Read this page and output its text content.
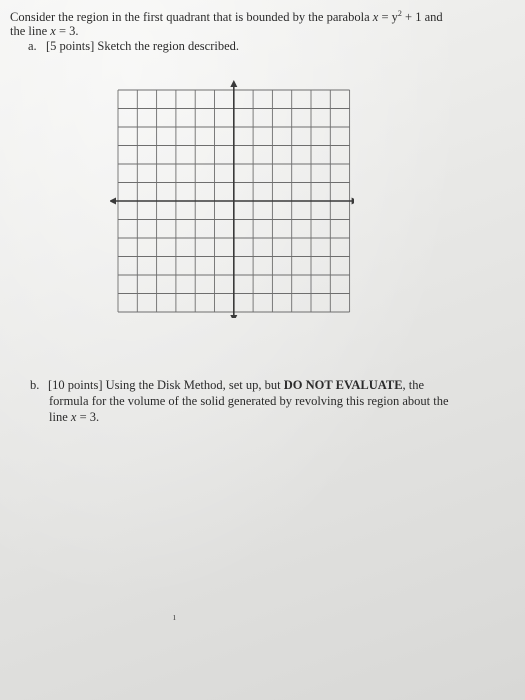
Consider the region in the first quadrant that is bounded by the parabola $x = y^2 + 1$ and
the line x = 3.
a. [5 points] Sketch the region described.
b. [10 points] Using the Disk Method, set up, but DO NOT EVALUATE, the
formula for the volume of the solid generated by revolving this region about the
line x = 3.
ı
